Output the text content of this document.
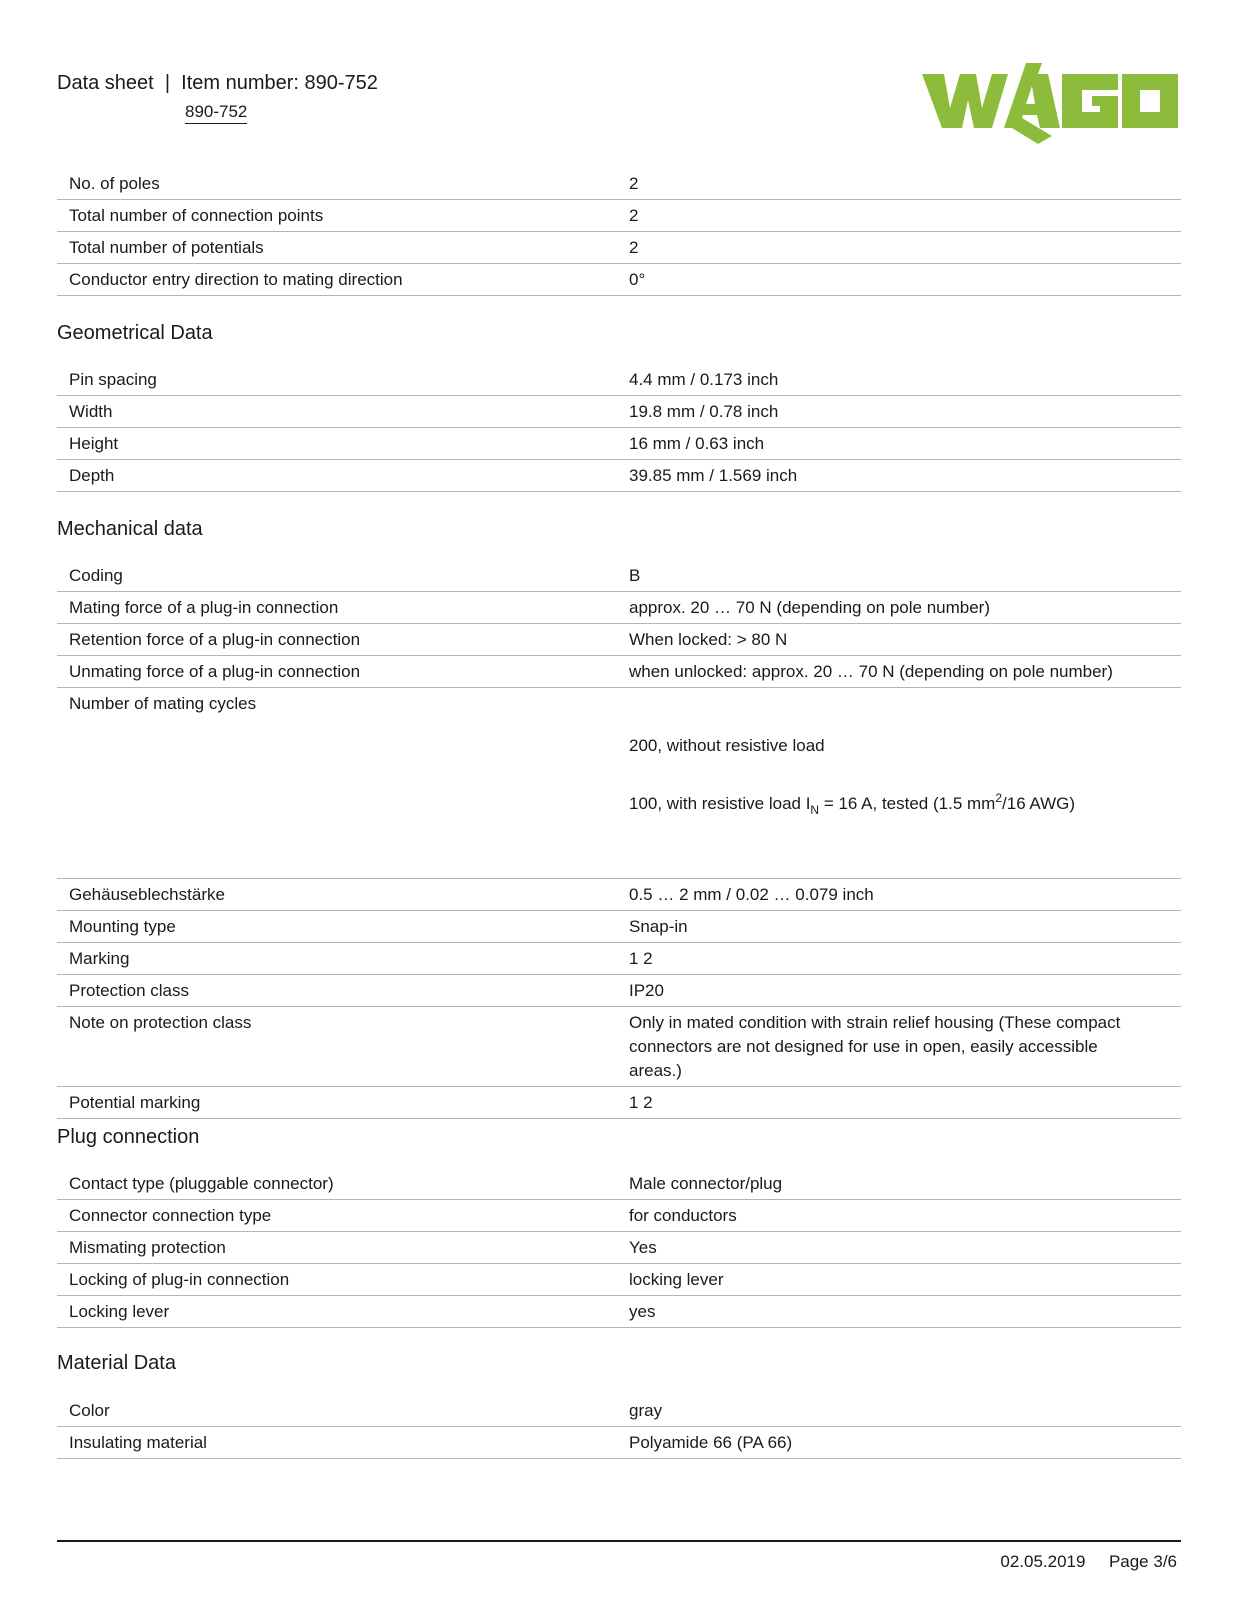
Data sheet  |  Item number: 890-752
890-752
No. of poles	2
Total number of connection points	2
Total number of potentials	2
Conductor entry direction to mating direction	0°
Geometrical Data
Pin spacing	4.4 mm / 0.173 inch
Width	19.8 mm / 0.78 inch
Height	16 mm / 0.63 inch
Depth	39.85 mm / 1.569 inch
Mechanical data
Coding	B
Mating force of a plug-in connection	approx. 20 … 70 N (depending on pole number)
Retention force of a plug-in connection	When locked: > 80 N
Unmating force of a plug-in connection	when unlocked: approx. 20 … 70 N (depending on pole number)
Number of mating cycles	200, without resistive load
100, with resistive load $I_N = 16$ A, tested (1.5 $mm^2/16$ AWG)

Gehäuseblechstärke	0.5 … 2 mm / 0.02 … 0.079 inch
Mounting type	Snap-in
Marking	1 2
Protection class	IP20
Note on protection class	Only in mated condition with strain relief housing (These compact connectors are not designed for use in open, easily accessible areas.)
Potential marking	1 2
Plug connection
Contact type (pluggable connector)	Male connector/plug
Connector connection type	for conductors
Mismating protection	Yes
Locking of plug-in connection	locking lever
Locking lever	yes
Material Data
Color	gray
Insulating material	Polyamide 66 (PA 66)
02.05.2019 Page 3/6
